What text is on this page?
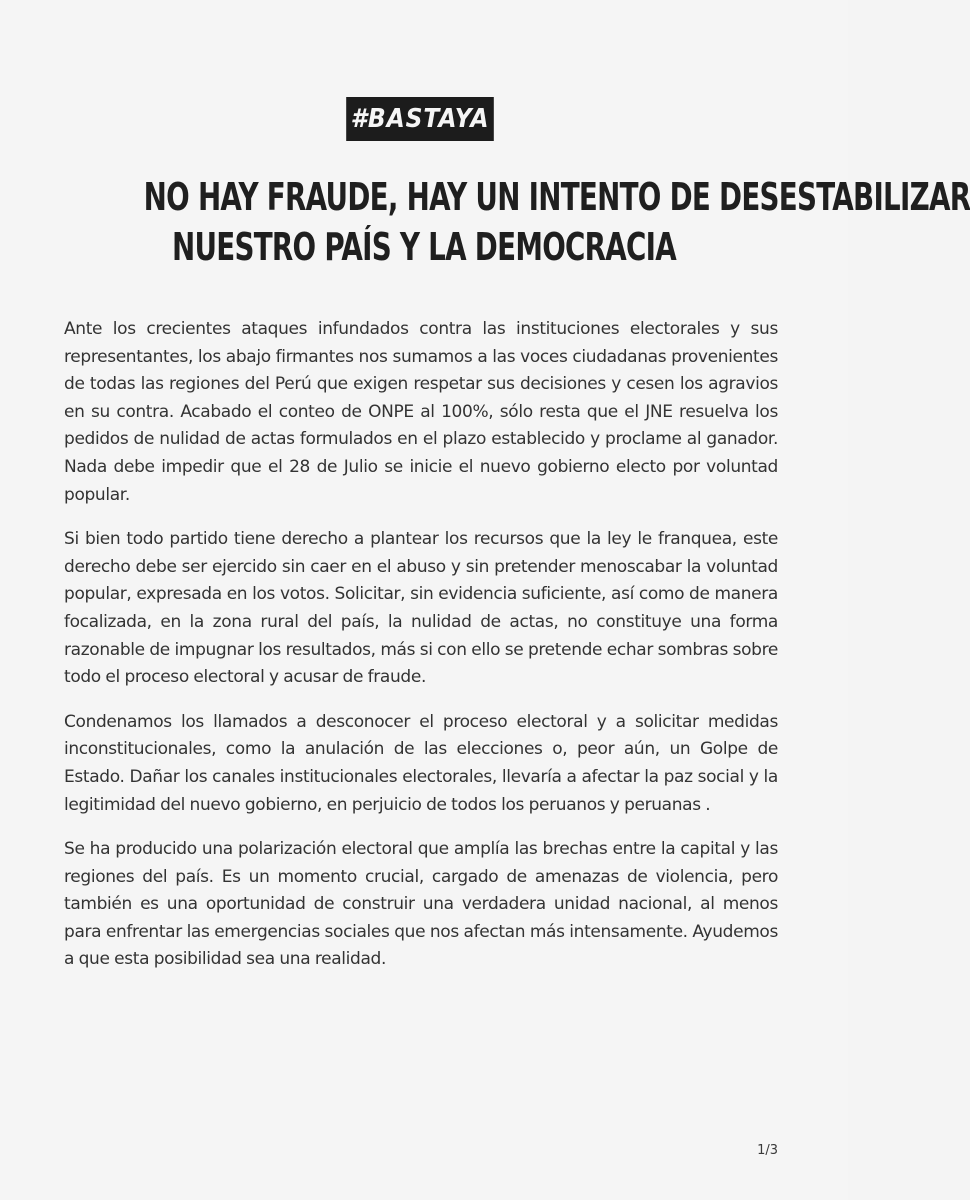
#BASTAYA
NO HAY FRAUDE, HAY UN INTENTO DE DESESTABILIZAR
NUESTRO PAÍS Y LA DEMOCRACIA

Ante los crecientes ataques infundados contra las instituciones electorales y sus representantes, los abajo firmantes nos sumamos a las voces ciudadanas provenientes de todas las regiones del Perú que exigen respetar sus decisiones y cesen los agravios en su contra. Acabado el conteo de ONPE al 100%, sólo resta que el JNE resuelva los pedidos de nulidad de actas formulados en el plazo establecido y proclame al ganador. Nada debe impedir que el 28 de Julio se inicie el nuevo gobierno electo por voluntad popular.

Si bien todo partido tiene derecho a plantear los recursos que la ley le franquea, este derecho debe ser ejercido sin caer en el abuso y sin pretender menoscabar la voluntad popular, expresada en los votos. Solicitar, sin evidencia suficiente, así como de manera focalizada, en la zona rural del país, la nulidad de actas, no constituye una forma razonable de impugnar los resultados, más si con ello se pretende echar sombras sobre todo el proceso electoral y acusar de fraude.

Condenamos los llamados a desconocer el proceso electoral y a solicitar medidas inconstitucionales, como la anulación de las elecciones o, peor aún, un Golpe de Estado. Dañar los canales institucionales electorales, llevaría a afectar la paz social y la legitimidad del nuevo gobierno, en perjuicio de todos los peruanos y peruanas .

Se ha producido una polarización electoral que amplía las brechas entre la capital y las regiones del país. Es un momento crucial, cargado de amenazas de violencia, pero también es una oportunidad de construir una verdadera unidad nacional, al menos para enfrentar las emergencias sociales que nos afectan más intensamente. Ayudemos a que esta posibilidad sea una realidad.

1/3
